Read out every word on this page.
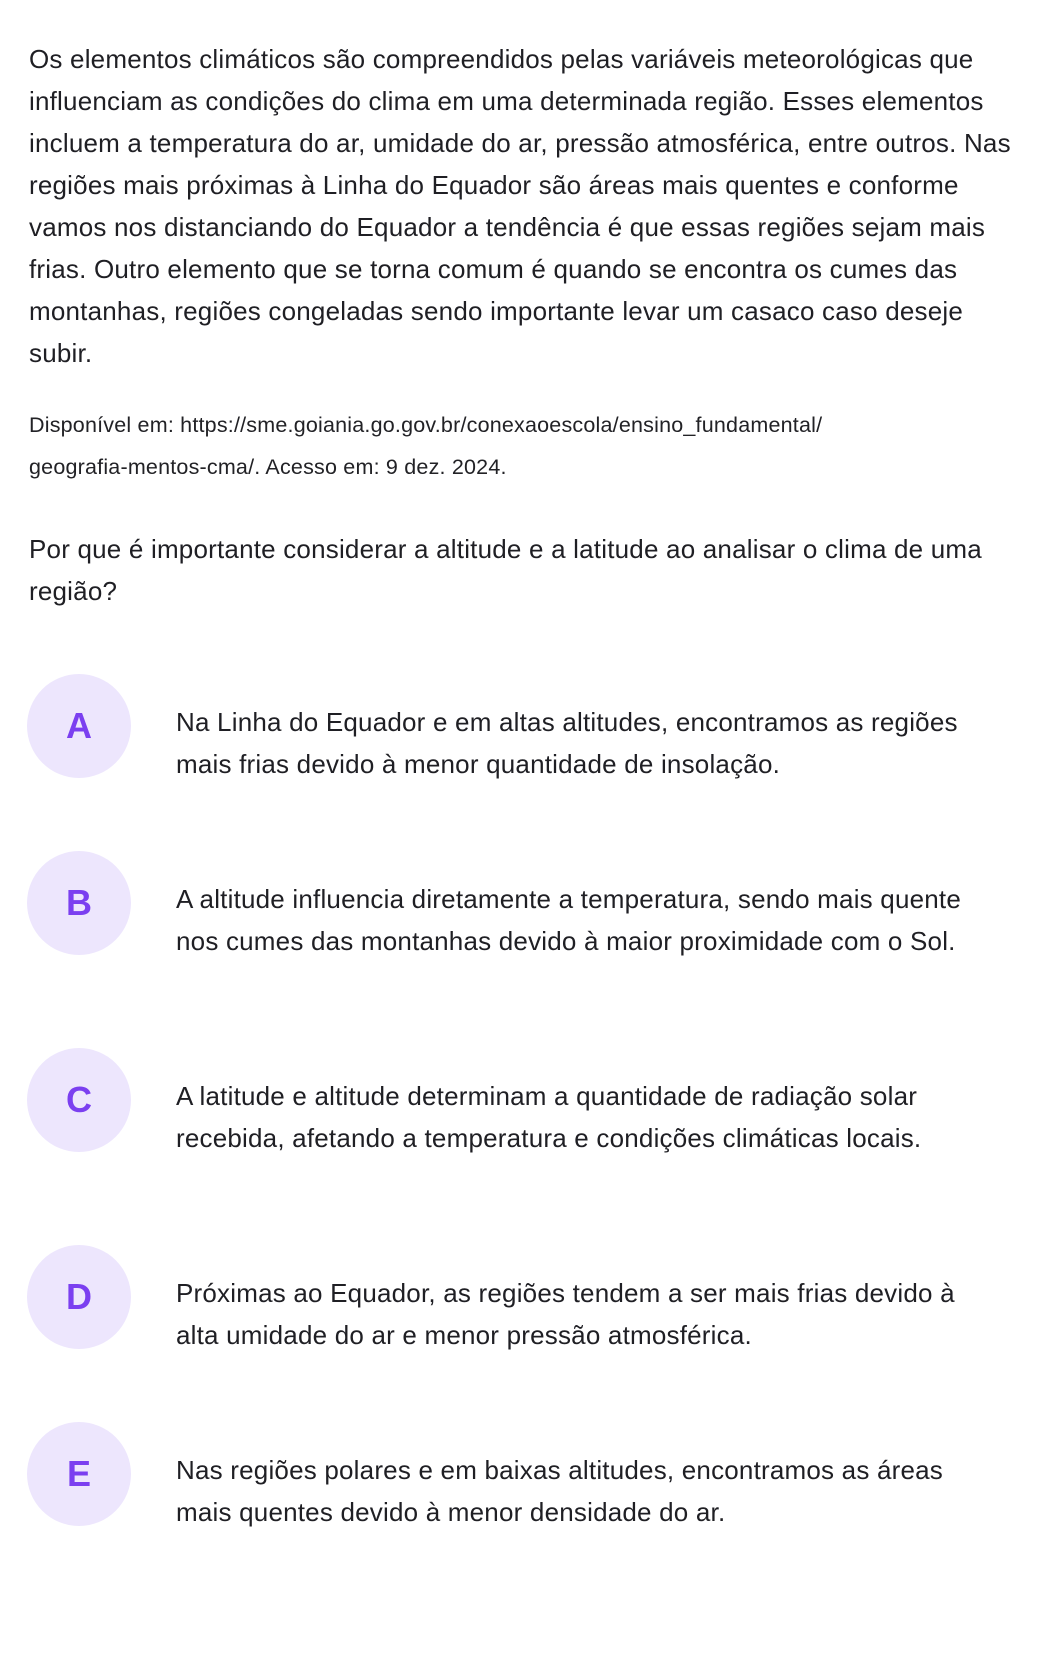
Os elementos climáticos são compreendidos pelas variáveis meteorológicas que influenciam as condições do clima em uma determinada região. Esses elementos incluem a temperatura do ar, umidade do ar, pressão atmosférica, entre outros. Nas regiões mais próximas à Linha do Equador são áreas mais quentes e conforme vamos nos distanciando do Equador a tendência é que essas regiões sejam mais frias. Outro elemento que se torna comum é quando se encontra os cumes das montanhas, regiões congeladas sendo importante levar um casaco caso deseje subir.

Disponível em: https://sme.goiania.go.gov.br/conexaoescola/ensino_fundamental/
geografia-mentos-cma/. Acesso em: 9 dez. 2024.
Por que é importante considerar a altitude e a latitude ao analisar o clima de uma região?
A	Na Linha do Equador e em altas altitudes, encontramos as regiões mais frias devido à menor quantidade de insolação.
B	A altitude influencia diretamente a temperatura, sendo mais quente nos cumes das montanhas devido à maior proximidade com o Sol.
C	A latitude e altitude determinam a quantidade de radiação solar recebida, afetando a temperatura e condições climáticas locais.
D	Próximas ao Equador, as regiões tendem a ser mais frias devido à alta umidade do ar e menor pressão atmosférica.
E	Nas regiões polares e em baixas altitudes, encontramos as áreas mais quentes devido à menor densidade do ar.
